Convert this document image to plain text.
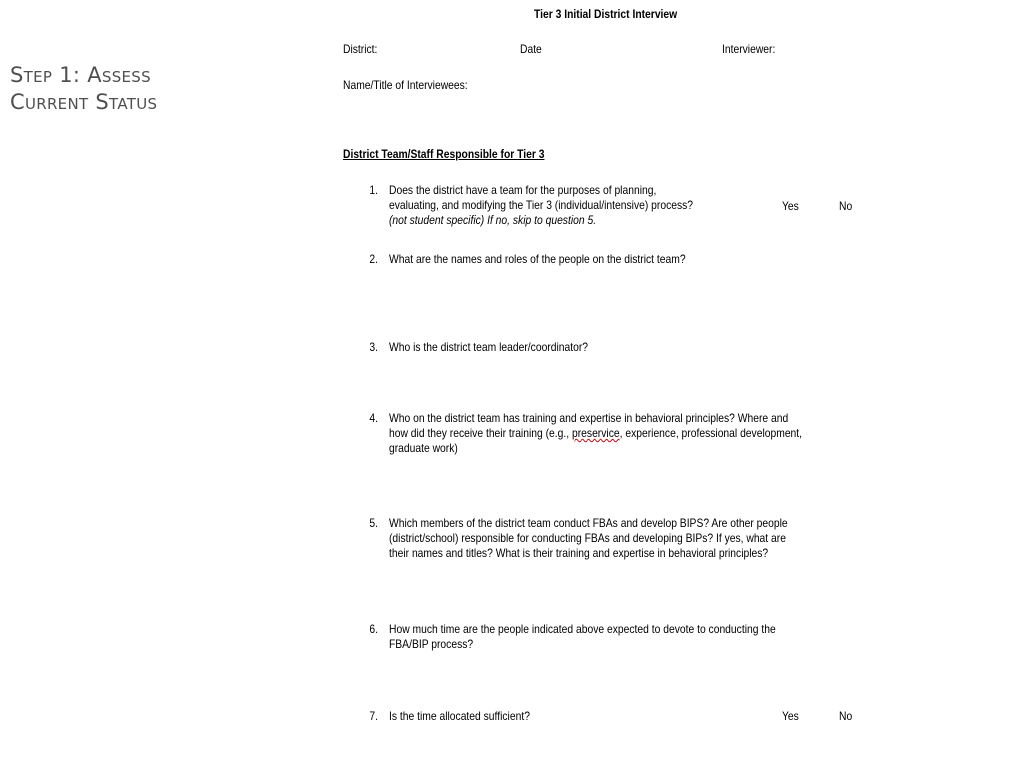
Step 1: Assess
Current Status
Tier 3 Initial District Interview
District:	Date	Interviewer:
Name/Title of Interviewees:
District Team/Staff Responsible for Tier 3
1. Does the district have a team for the purposes of planning,
evaluating, and modifying the Tier 3 (individual/intensive) process?
(not student specific) If no, skip to question 5.
Yes	No
2. What are the names and roles of the people on the district team?
3. Who is the district team leader/coordinator?
4. Who on the district team has training and expertise in behavioral principles? Where and
how did they receive their training (e.g., preservice, experience, professional development,
graduate work)
5. Which members of the district team conduct FBAs and develop BIPS? Are other people
(district/school) responsible for conducting FBAs and developing BIPs? If yes, what are
their names and titles? What is their training and expertise in behavioral principles?
6. How much time are the people indicated above expected to devote to conducting the
FBA/BIP process?
7. Is the time allocated sufficient?	Yes	No
